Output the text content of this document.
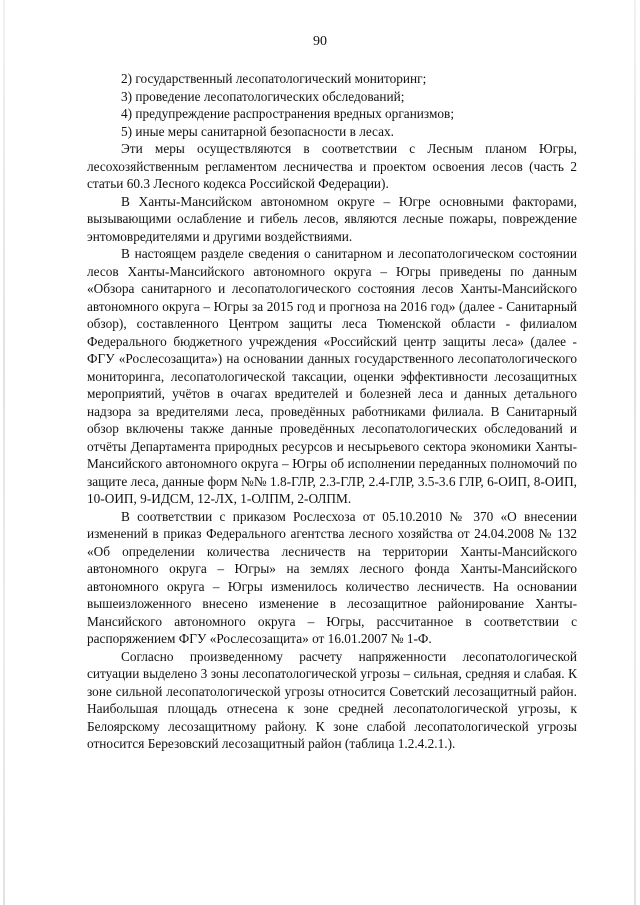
90

2) государственный лесопатологический мониторинг;

3) проведение лесопатологических обследований;

4) предупреждение распространения вредных организмов;

5) иные меры санитарной безопасности в лесах.

Эти меры осуществляются в соответствии с Лесным планом Югры, лесохозяйственным регламентом лесничества и проектом освоения лесов (часть 2 статьи 60.3 Лесного кодекса Российской Федерации).

В Ханты-Мансийском автономном округе – Югре основными факторами, вызывающими ослабление и гибель лесов, являются лесные пожары, повреждение энтомовредителями и другими воздействиями.

В настоящем разделе сведения о санитарном и лесопатологическом состоянии лесов Ханты-Мансийского автономного округа – Югры приведены по данным «Обзора санитарного и лесопатологического состояния лесов Ханты-Мансийского автономного округа – Югры за 2015 год и прогноза на 2016 год» (далее - Санитарный обзор), составленного Центром защиты леса Тюменской области - филиалом Федерального бюджетного учреждения «Российский центр защиты леса» (далее - ФГУ «Рослесозащита») на основании данных государственного лесопатологического мониторинга, лесопатологической таксации, оценки эффективности лесозащитных мероприятий, учётов в очагах вредителей и болезней леса и данных детального надзора за вредителями леса, проведённых работниками филиала. В Санитарный обзор включены также данные проведённых лесопатологических обследований и отчёты Департамента природных ресурсов и несырьевого сектора экономики Ханты-Мансийского автономного округа – Югры об исполнении переданных полномочий по защите леса, данные форм №№ 1.8-ГЛР, 2.3-ГЛР, 2.4-ГЛР, 3.5-3.6 ГЛР, 6-ОИП, 8-ОИП, 10-ОИП, 9-ИДСМ, 12-ЛХ, 1-ОЛПМ, 2-ОЛПМ.

В соответствии с приказом Рослесхоза от 05.10.2010 № 370 «О внесении изменений в приказ Федерального агентства лесного хозяйства от 24.04.2008 № 132 «Об определении количества лесничеств на территории Ханты-Мансийского автономного округа – Югры» на землях лесного фонда Ханты-Мансийского автономного округа – Югры изменилось количество лесничеств. На основании вышеизложенного внесено изменение в лесозащитное районирование Ханты-Мансийского автономного округа – Югры, рассчитанное в соответствии с распоряжением ФГУ «Рослесозащита» от 16.01.2007 № 1-Ф.

Согласно произведенному расчету напряженности лесопатологической ситуации выделено 3 зоны лесопатологической угрозы – сильная, средняя и слабая. К зоне сильной лесопатологической угрозы относится Советский лесозащитный район. Наибольшая площадь отнесена к зоне средней лесопатологической угрозы, к Белоярскому лесозащитному району. К зоне слабой лесопатологической угрозы относится Березовский лесозащитный район (таблица 1.2.4.2.1.).
